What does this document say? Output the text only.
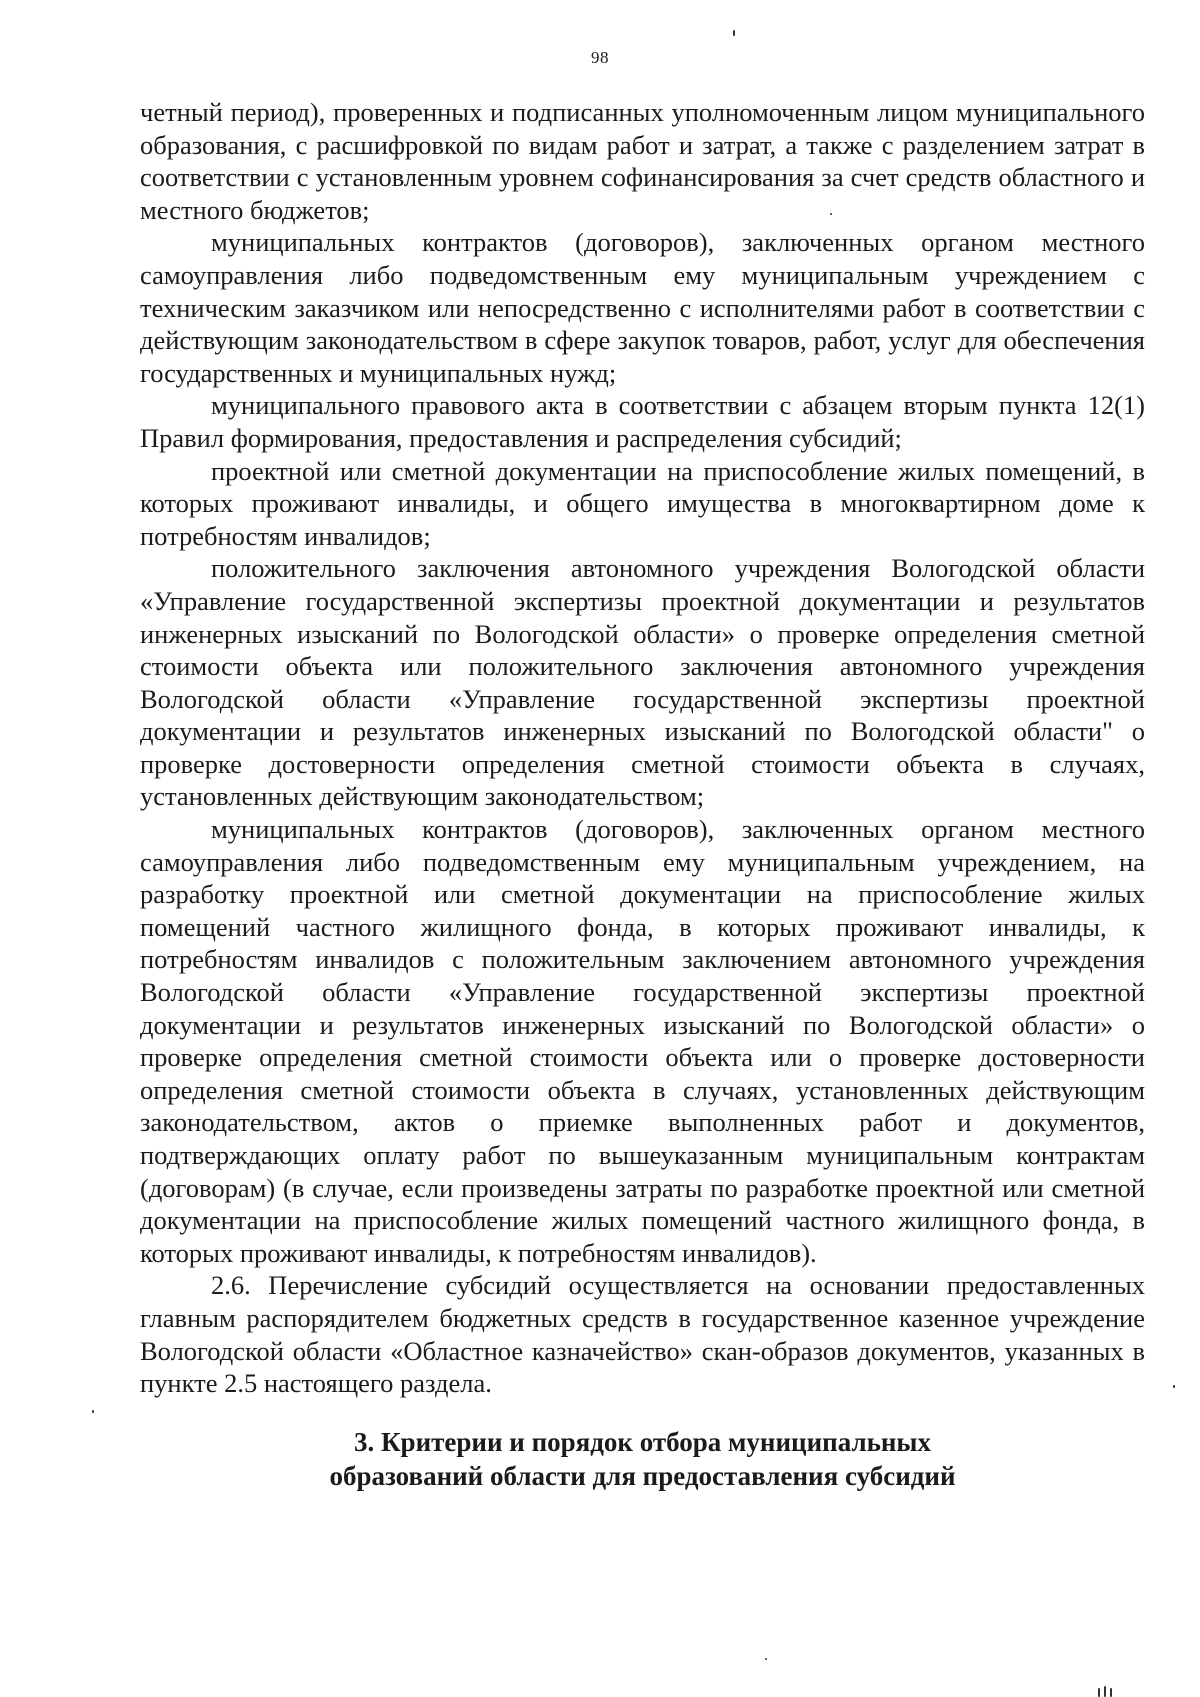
98

четный период), проверенных и подписанных уполномоченным лицом муниципального образования, с расшифровкой по видам работ и затрат, а также с разделением затрат в соответствии с установленным уровнем софинансирования за счет средств областного и местного бюджетов;

муниципальных контрактов (договоров), заключенных органом местного самоуправления либо подведомственным ему муниципальным учреждением с техническим заказчиком или непосредственно с исполнителями работ в соответствии с действующим законодательством в сфере закупок товаров, работ, услуг для обеспечения государственных и муниципальных нужд;

муниципального правового акта в соответствии с абзацем вторым пункта 12(1) Правил формирования, предоставления и распределения субсидий;

проектной или сметной документации на приспособление жилых помещений, в которых проживают инвалиды, и общего имущества в многоквартирном доме к потребностям инвалидов;

положительного заключения автономного учреждения Вологодской области «Управление государственной экспертизы проектной документации и результатов инженерных изысканий по Вологодской области» о проверке определения сметной стоимости объекта или положительного заключения автономного учреждения Вологодской области «Управление государственной экспертизы проектной документации и результатов инженерных изысканий по Вологодской области" о проверке достоверности определения сметной стоимости объекта в случаях, установленных действующим законодательством;

муниципальных контрактов (договоров), заключенных органом местного самоуправления либо подведомственным ему муниципальным учреждением, на разработку проектной или сметной документации на приспособление жилых помещений частного жилищного фонда, в которых проживают инвалиды, к потребностям инвалидов с положительным заключением автономного учреждения Вологодской области «Управление государственной экспертизы проектной документации и результатов инженерных изысканий по Вологодской области» о проверке определения сметной стоимости объекта или о проверке достоверности определения сметной стоимости объекта в случаях, установленных действующим законодательством, актов о приемке выполненных работ и документов, подтверждающих оплату работ по вышеуказанным муниципальным контрактам (договорам) (в случае, если произведены затраты по разработке проектной или сметной документации на приспособление жилых помещений частного жилищного фонда, в которых проживают инвалиды, к потребностям инвалидов).

2.6. Перечисление субсидий осуществляется на основании предоставленных главным распорядителем бюджетных средств в государственное казенное учреждение Вологодской области «Областное казначейство» скан-образов документов, указанных в пункте 2.5 настоящего раздела.

3. Критерии и порядок отбора муниципальных
образований области для предоставления субсидий
